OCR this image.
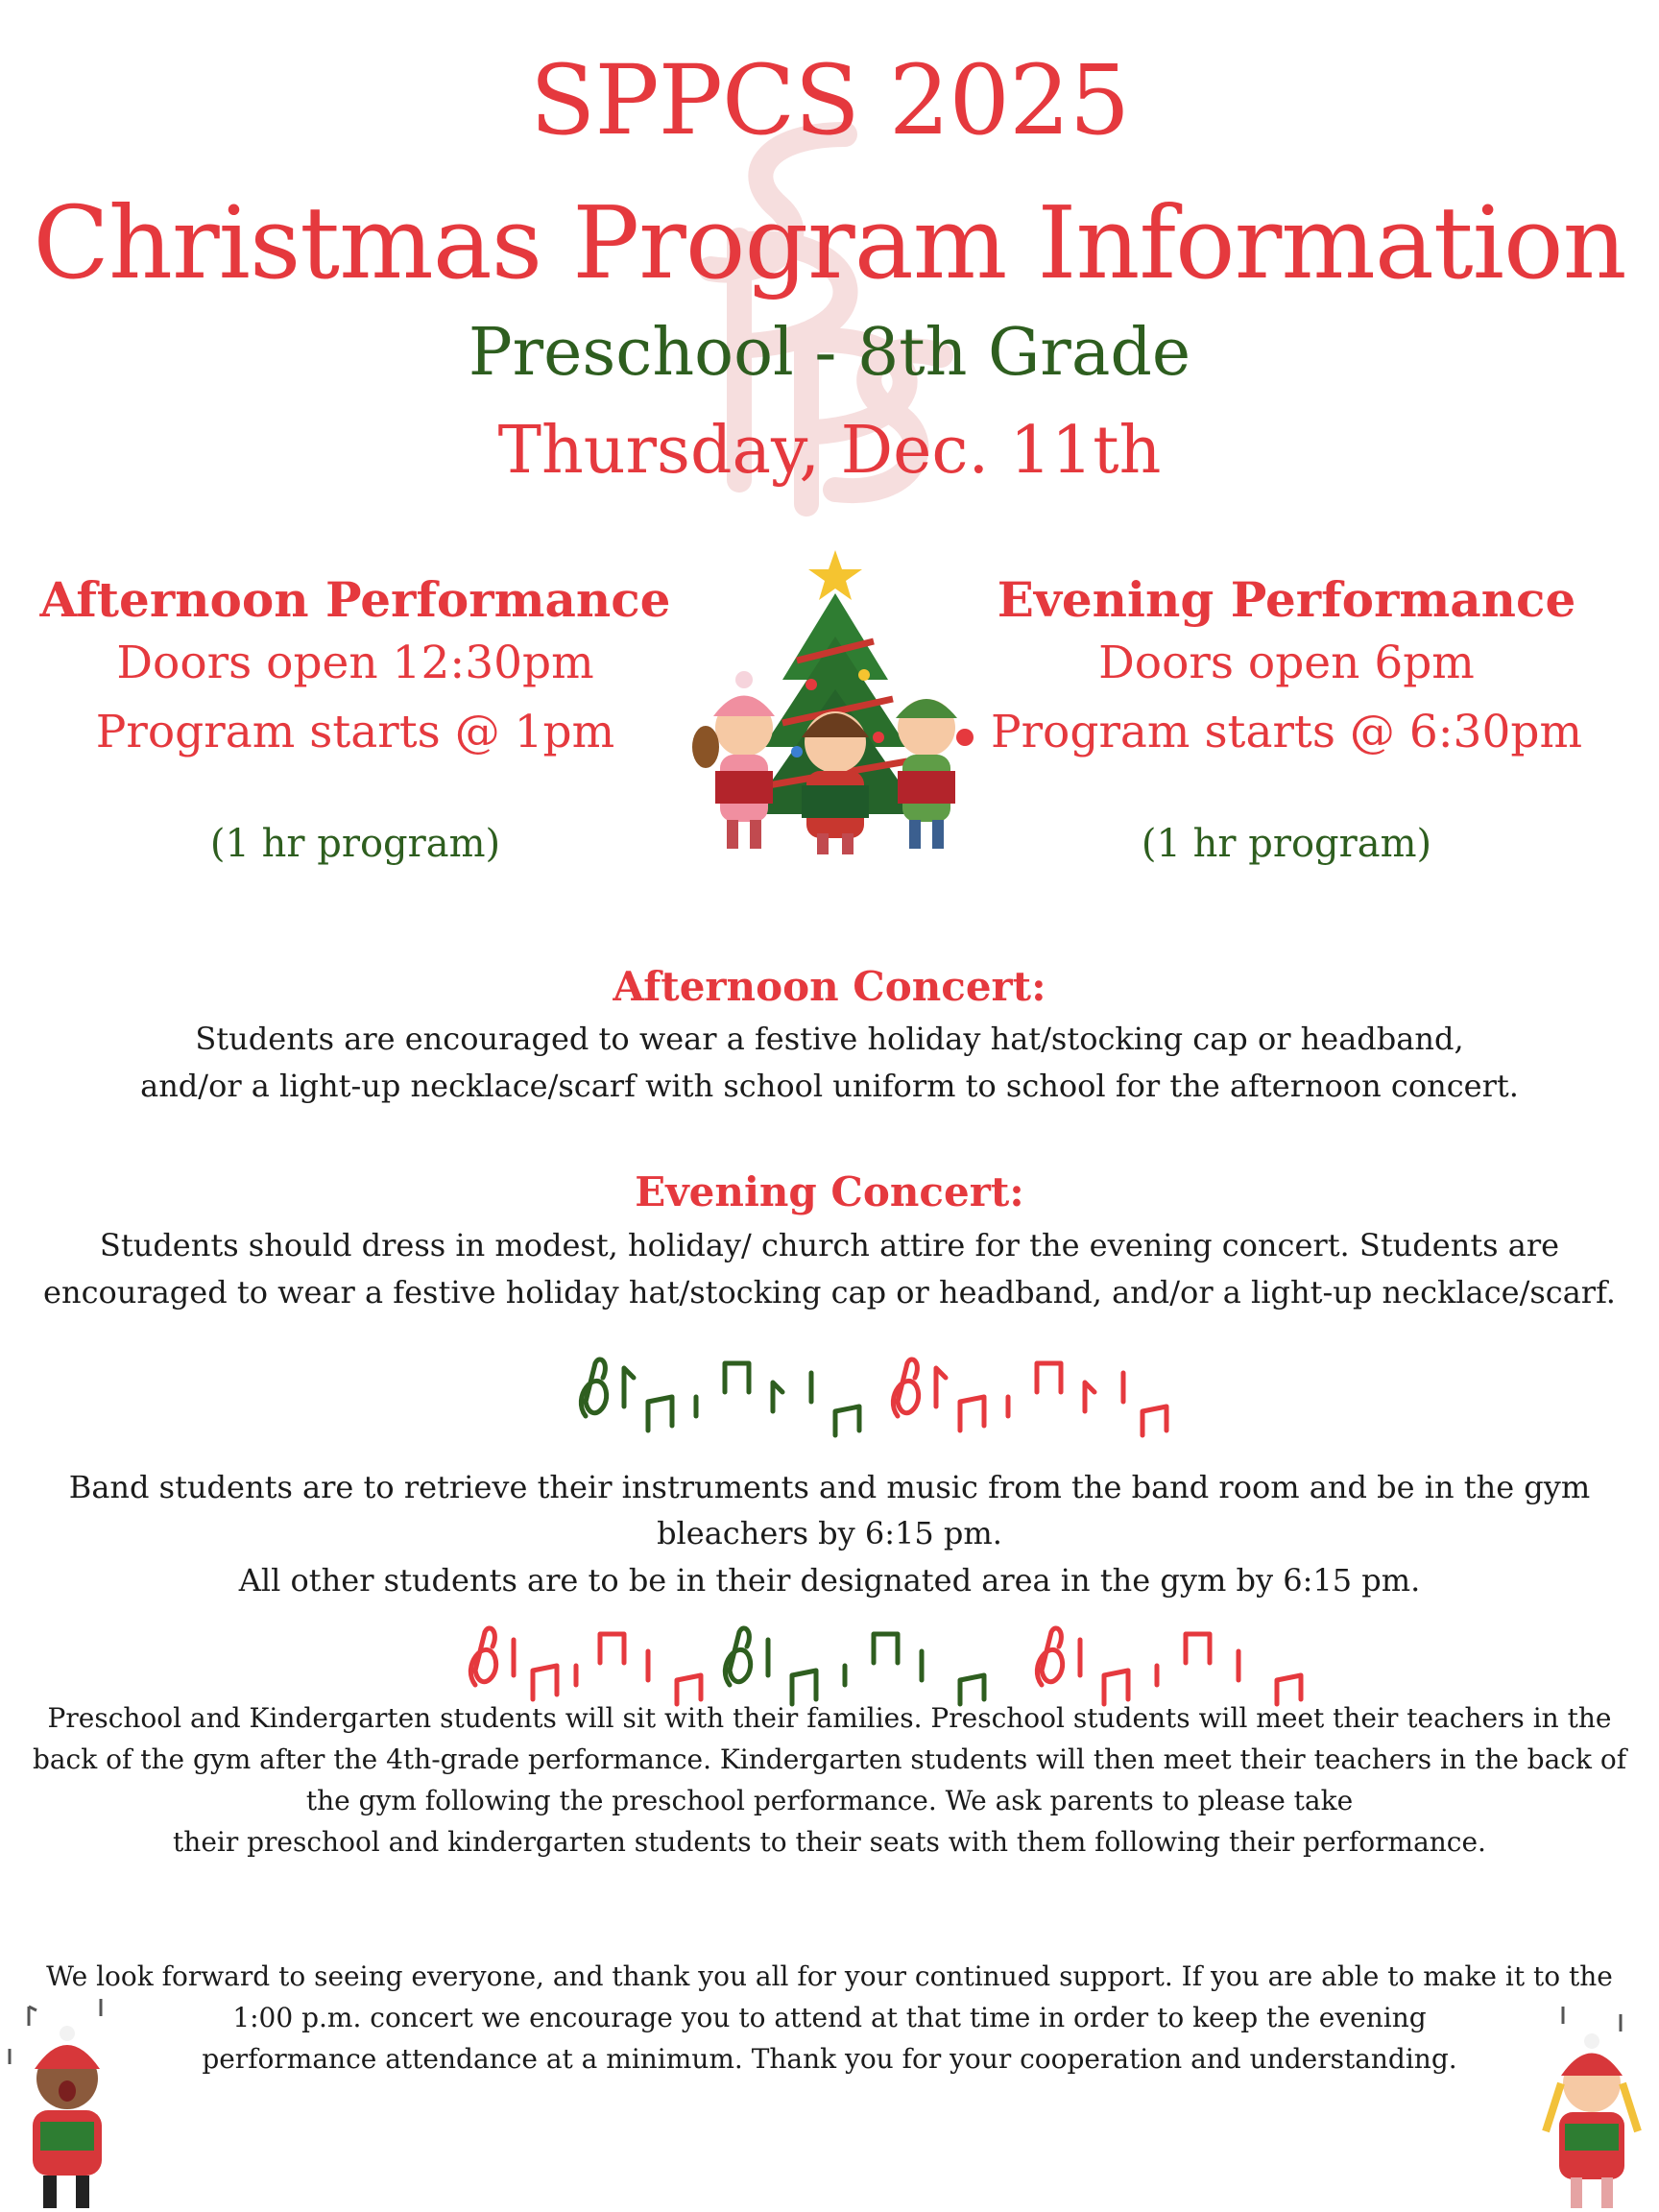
SPPCS 2025
Christmas Program Information
Preschool - 8th Grade
Thursday, Dec. 11th
Afternoon Performance
Doors open 12:30pm
Program starts @ 1pm
(1 hr program)
Evening Performance
Doors open 6pm
Program starts @ 6:30pm
(1 hr program)
Afternoon Concert:
Students are encouraged to wear a festive holiday hat/stocking cap or headband,
and/or a light-up necklace/scarf with school uniform to school for the afternoon concert.
Evening Concert:
Students should dress in modest, holiday/ church attire for the evening concert. Students are
encouraged to wear a festive holiday hat/stocking cap or headband, and/or a light-up necklace/scarf.
Band students are to retrieve their instruments and music from the band room and be in the gym
bleachers by 6:15 pm.
All other students are to be in their designated area in the gym by 6:15 pm.
Preschool and Kindergarten students will sit with their families. Preschool students will meet their teachers in the
back of the gym after the 4th-grade performance. Kindergarten students will then meet their teachers in the back of
the gym following the preschool performance. We ask parents to please take
their preschool and kindergarten students to their seats with them following their performance.
We look forward to seeing everyone, and thank you all for your continued support. If you are able to make it to the
1:00 p.m. concert we encourage you to attend at that time in order to keep the evening
performance attendance at a minimum. Thank you for your cooperation and understanding.
